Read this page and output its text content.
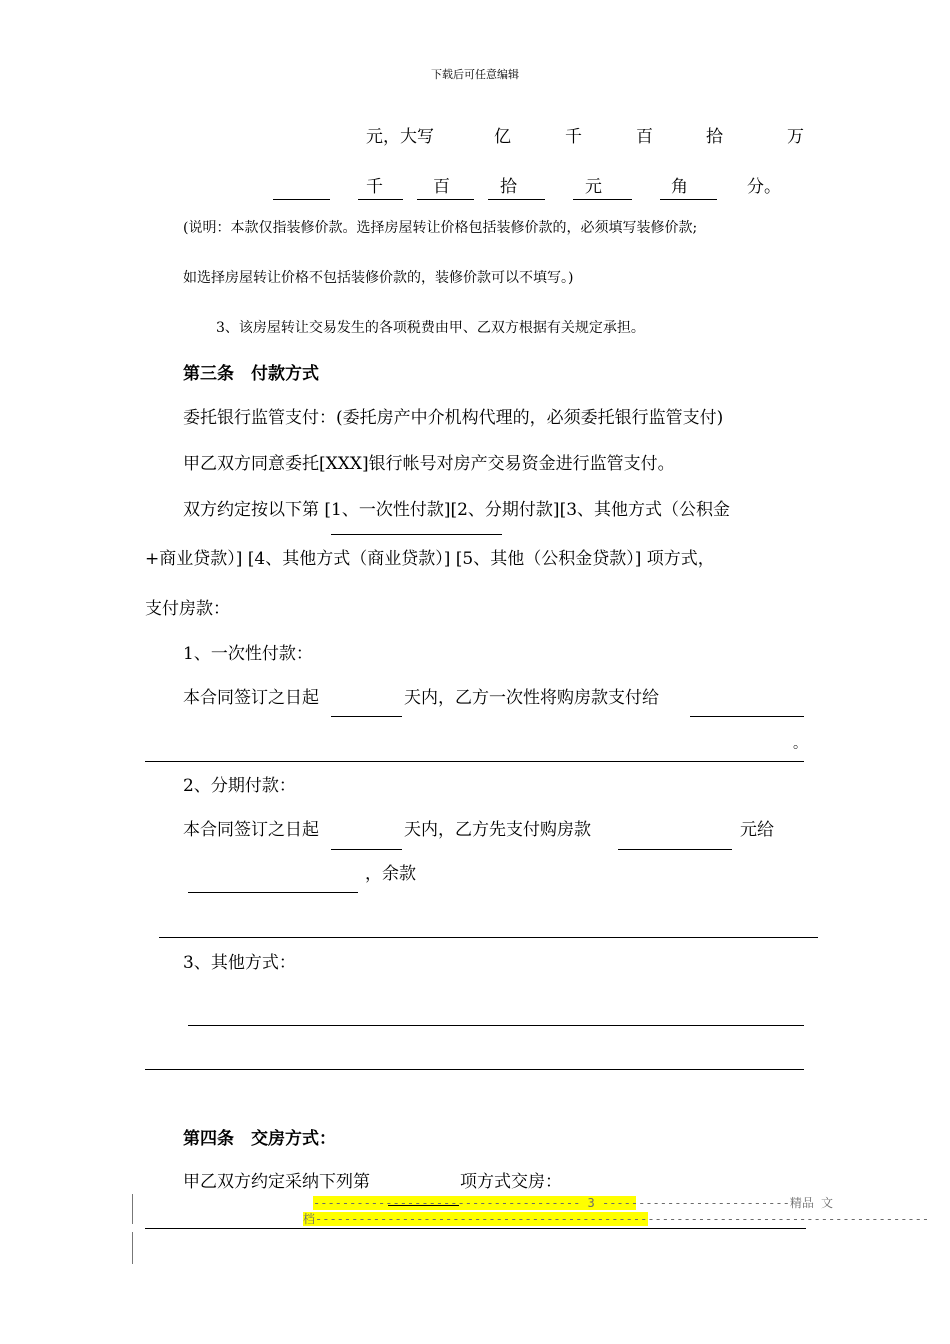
下载后可任意编辑
元，大写	亿	千	百	拾	万
千	百	拾	元	角	分。
(说明：本款仅指装修价款。选择房屋转让价格包括装修价款的，必须填写装修价款;
如选择房屋转让价格不包括装修价款的，装修价款可以不填写。)
3、该房屋转让交易发生的各项税费由甲、乙双方根据有关规定承担。
第三条　付款方式
委托银行监管支付：(委托房产中介机构代理的，必须委托银行监管支付)
甲乙双方同意委托[XXX]银行帐号对房产交易资金进行监管支付。
双方约定按以下第 [1、一次性付款][2、分期付款][3、其他方式（公积金
+商业贷款）] [4、其他方式（商业贷款）] [5、其他（公积金贷款）] 项方式，
支付房款：
1、一次性付款：
本合同签订之日起	天内，乙方一次性将购房款支付给
。
2、分期付款：
本合同签订之日起	天内，乙方先支付购房款	元给
，余款
3、其他方式：
第四条　交房方式：
甲乙双方约定采纳下列第	项方式交房：
------------------------------------- 3 --------------------------精品 文
档-------------------------------------------------------------------------------------
